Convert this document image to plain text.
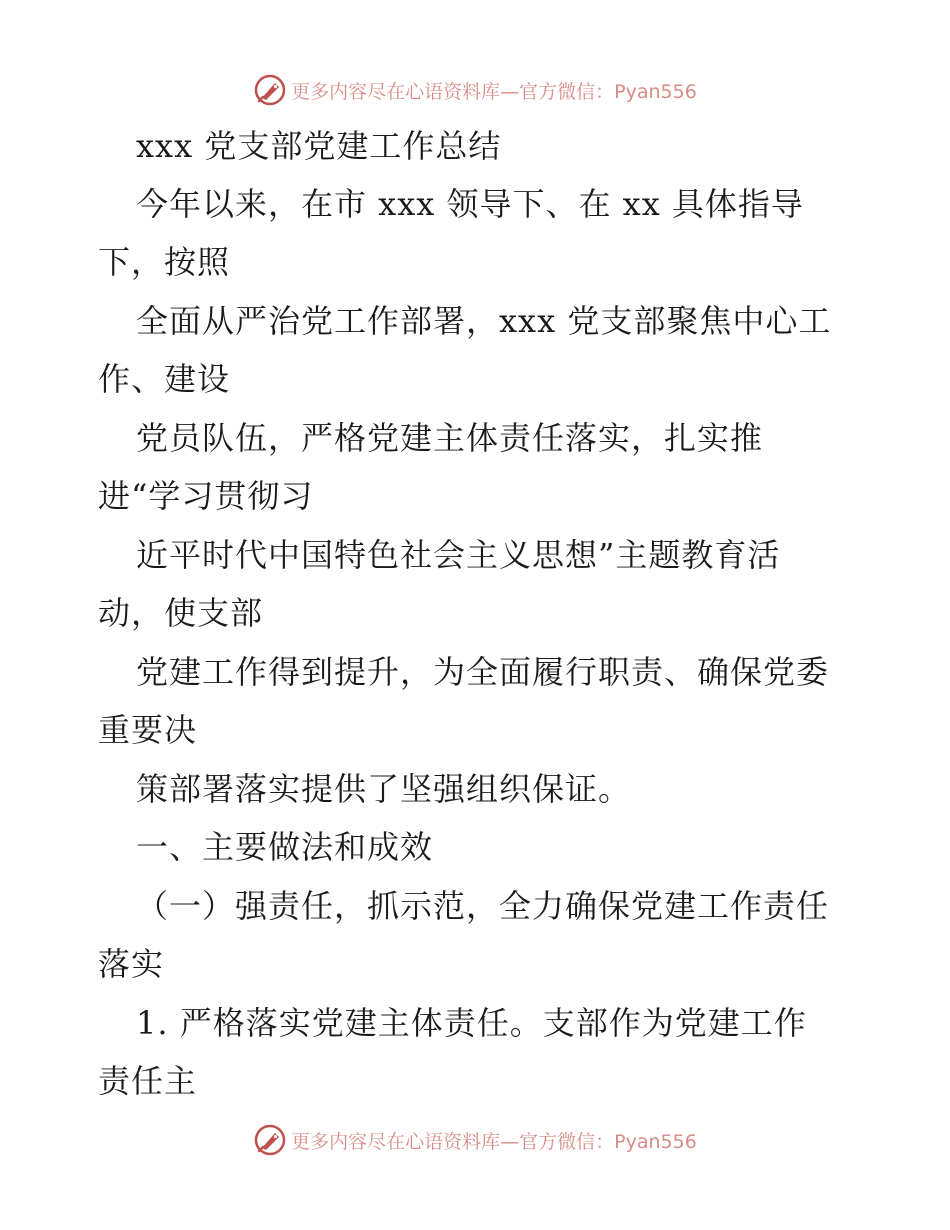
更多内容尽在心语资料库—官方微信：Pyan556

xxx 党支部党建工作总结

今年以来，在市 xxx 领导下、在 xx 具体指导

下，按照

全面从严治党工作部署，xxx 党支部聚焦中心工

作、建设

党员队伍，严格党建主体责任落实，扎实推

进“学习贯彻习

近平时代中国特色社会主义思想”主题教育活

动，使支部

党建工作得到提升，为全面履行职责、确保党委

重要决

策部署落实提供了坚强组织保证。

一、主要做法和成效

（一）强责任，抓示范，全力确保党建工作责任

落实

1. 严格落实党建主体责任。支部作为党建工作

责任主

更多内容尽在心语资料库—官方微信：Pyan556
